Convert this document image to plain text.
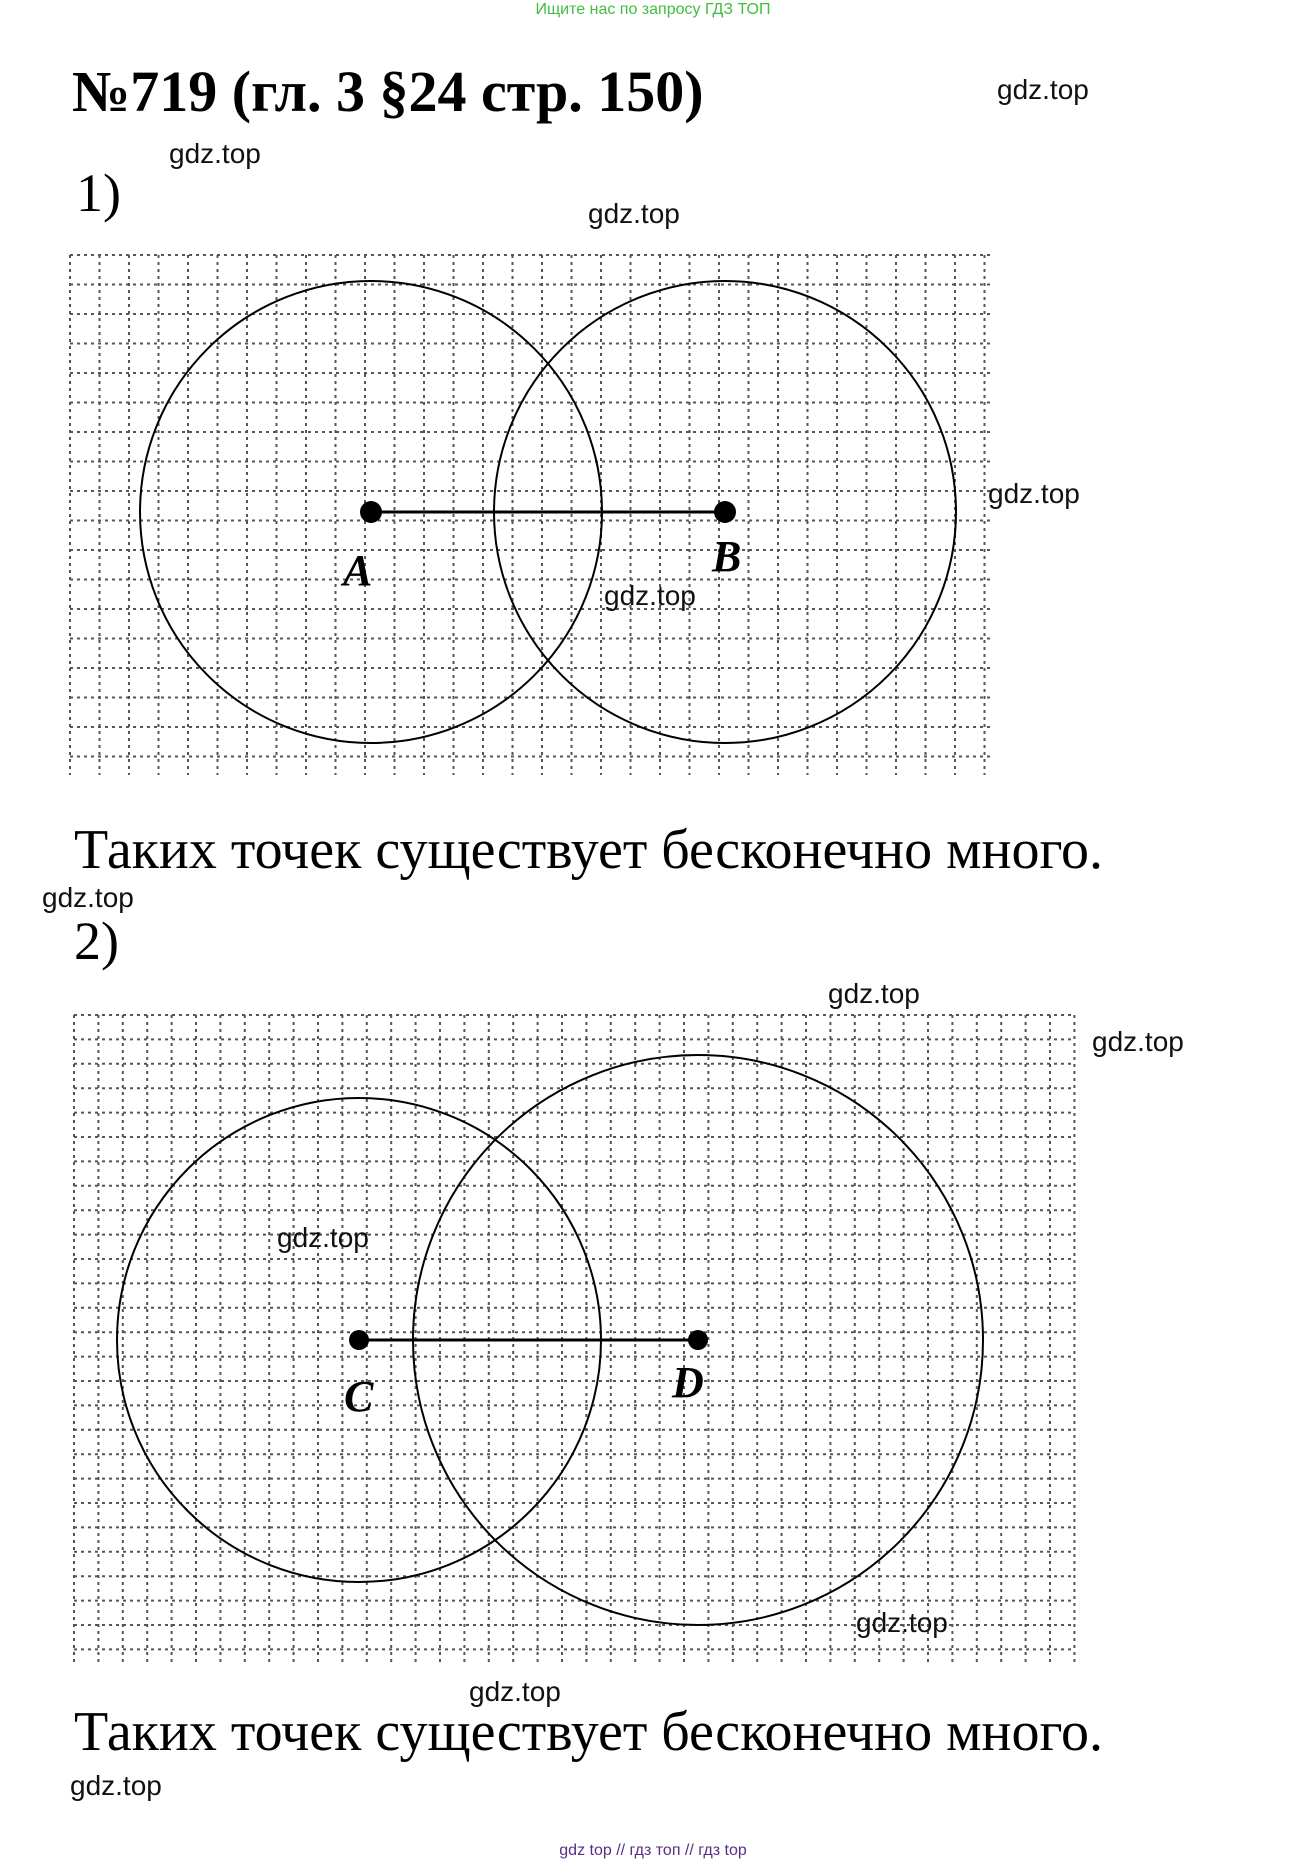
Ищите нас по запросу ГДЗ ТОП
№719 (гл. 3 §24 стр. 150)
1)
A	B
Таких точек существует бесконечно много.
2)
C	D
Таких точек существует бесконечно много.
gdz.top
gdz.top
gdz.top
gdz.top
gdz.top
gdz.top
gdz.top
gdz.top
gdz.top
gdz.top
gdz.top
gdz.top
gdz top // гдз топ // гдз top
